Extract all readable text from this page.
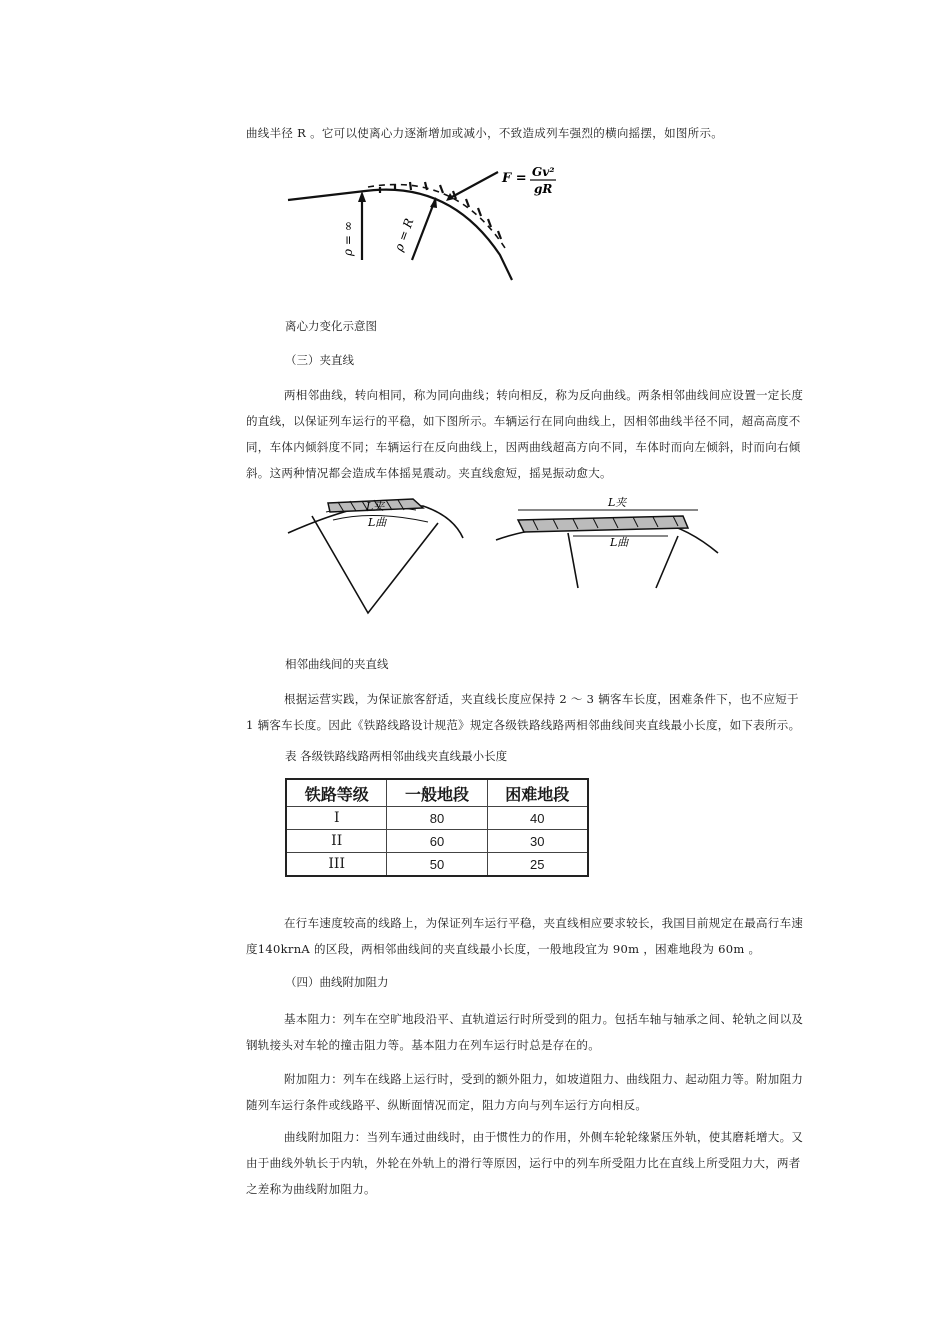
曲线半径 R 。它可以使离心力逐渐增加或减小，不致造成列车强烈的横向摇摆，如图所示。
F = Gv²
gR
ρ = ∞	ρ = R
离心力变化示意图
（三）夹直线
两相邻曲线，转向相同，称为同向曲线；转向相反，称为反向曲线。两条相邻曲线间应设置一定长度的直线，以保证列车运行的平稳，如下图所示。车辆运行在同向曲线上，因相邻曲线半径不同，超高高度不同，车体内倾斜度不同；车辆运行在反向曲线上，因两曲线超高方向不同，车体时而向左倾斜，时而向右倾斜。这两种情况都会造成车体摇晃震动。夹直线愈短，摇晃振动愈大。
L夹
L曲
L夹
L曲
相邻曲线间的夹直线
根据运营实践，为保证旅客舒适，夹直线长度应保持 2 ～ 3 辆客车长度，困难条件下，也不应短于 1 辆客车长度。因此《铁路线路设计规范》规定各级铁路线路两相邻曲线间夹直线最小长度，如下表所示。
表 各级铁路线路两相邻曲线夹直线最小长度
铁路等级	一般地段	困难地段
I	80	40
II	60	30
III	50	25
在行车速度较高的线路上，为保证列车运行平稳，夹直线相应要求较长，我国目前规定在最高行车速度140krnA 的区段，两相邻曲线间的夹直线最小长度，一般地段宜为 90m ，困难地段为 60m 。
（四）曲线附加阻力
基本阻力：列车在空旷地段沿平、直轨道运行时所受到的阻力。包括车轴与轴承之间、轮轨之间以及钢轨接头对车轮的撞击阻力等。基本阻力在列车运行时总是存在的。
附加阻力：列车在线路上运行时，受到的额外阻力，如坡道阻力、曲线阻力、起动阻力等。附加阻力随列车运行条件或线路平、纵断面情况而定，阻力方向与列车运行方向相反。
曲线附加阻力：当列车通过曲线时，由于惯性力的作用，外侧车轮轮缘紧压外轨，使其磨耗增大。又由于曲线外轨长于内轨，外轮在外轨上的滑行等原因，运行中的列车所受阻力比在直线上所受阻力大，两者之差称为曲线附加阻力。
